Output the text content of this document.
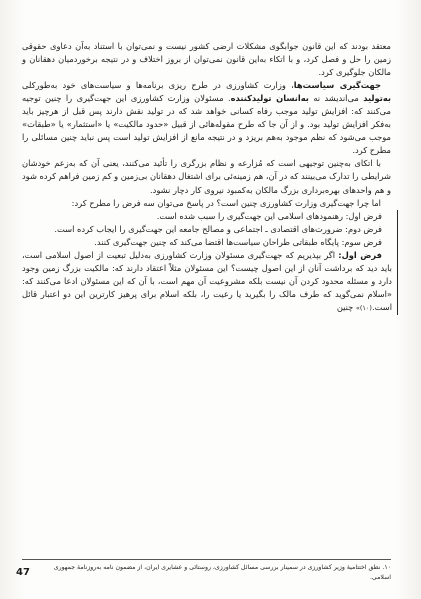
معتقد بودند که این قانون جوابگوی مشکلات ارضی کشور نیست و نمی‌توان با استناد به‌آن دعاوی حقوقی زمین را حل و فصل کرد، و با اتکاء به‌این قانون نمی‌توان از بروز اختلاف و در نتیجه برخوردمیان دهقانان و مالکان جلوگیری کرد.

جهت‌گیری سیاست‌ها، وزارت کشاورزی در طرح ریزی برنامه‌ها و سیاست‌های خود به‌طورکلی به‌تولید می‌اندیشد نه به‌انسان تولیدکننده. مسئولان وزارت کشاورزی این جهت‌گیری را چنین توجیه می‌کنند که: افزایش تولید موجب رفاه کسانی خواهد شد که در تولید نقش دارند پس قبل از هرچیز باید به‌فکر افزایش تولید بود. و از آن جا که طرح مقوله‌هائی از قبیل «حدود مالکیت» یا «استثمار» یا «طبقات» موجب می‌شود که نظم موجود به‌هم بریزد و در نتیجه مانع از افزایش تولید است پس نباید چنین مسائلی را مطرح کرد.

با اتکای به‌چنین توجیهی است که مُزارعه و نظام بزرگری را تأئید می‌کنند، یعنی آن که به‌زعم خودشان شرایطی را تدارک می‌بینند که در آن، هم زمینه‌ئی برای اشتغال دهقانان بی‌زمین و کم زمین فراهم کرده شود و هم واحدهای بهره‌برداری بزرگ مالکان به‌کمبود نیروی کار دچار نشود.

اما چرا جهت‌گیری وزارت کشاورزی چنین است؟ در پاسخ می‌توان سه فرض را مطرح کرد:

فرض اول: رهنمودهای اسلامی این جهت‌گیری را سبب شده است.

فرض دوم: ضرورت‌های اقتصادی ـ اجتماعی و مصالح جامعه این جهت‌گیری را ایجاب کرده است.

فرض سوم: پایگاه طبقاتی طراحان سیاست‌ها اقتضا می‌کند که چنین جهت‌گیری کنند.

فرض اول: اگر بپذیریم که جهت‌گیری مسئولان وزارت کشاورزی به‌دلیل تبعیت از اصول اسلامی است، باید دید که برداشت آنان از این اصول چیست؟ این مسئولان مثلاً اعتقاد دارند که: مالکیت بزرگ زمین وجود دارد و مسئله محدود کردن آن نیست بلکه مشروعیت آن مهم است، با آن که این مسئولان ادعا می‌کنند که: «اسلام نمی‌گوید که طرف مالک را بگیرید یا رعیت را، بلکه اسلام برای پرهیز کارترین این دو اعتبار قائل است.(۱۰)» چنین

۱۰. نطق اختتامیهٔ وزیر کشاورزی در سمینار بررسی مسائل کشاورزی، روستائی و عشایری ایران، از مضمون نامه به‌روزنامهٔ جمهوری اسلامی.
47
